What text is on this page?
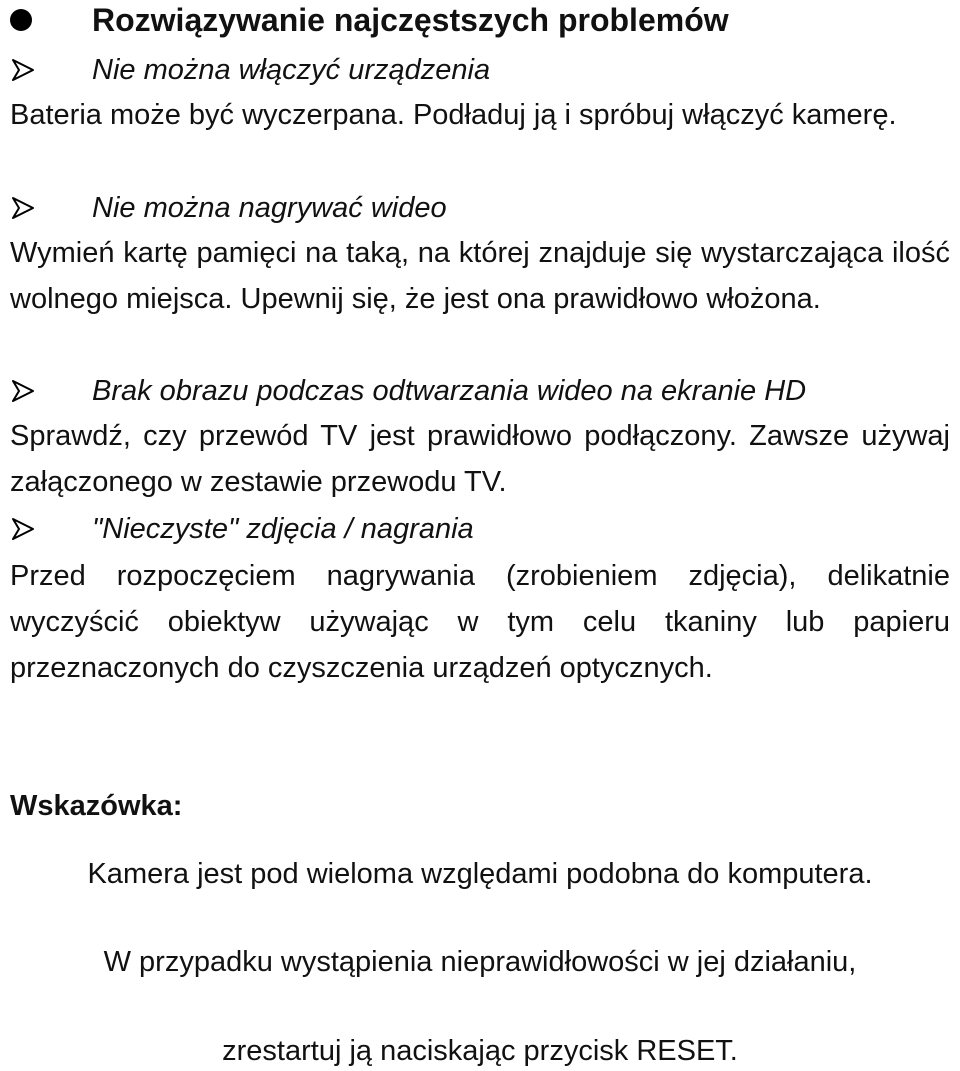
Rozwiązywanie najczęstszych problemów
Nie można włączyć urządzenia
Bateria może być wyczerpana. Podładuj ją i spróbuj włączyć kamerę.
Nie można nagrywać wideo
Wymień kartę pamięci na taką, na której znajduje się wystarczająca ilość wolnego miejsca. Upewnij się, że jest ona prawidłowo włożona.
Brak obrazu podczas odtwarzania wideo na ekranie HD
Sprawdź, czy przewód TV jest prawidłowo podłączony. Zawsze używaj załączonego w zestawie przewodu TV.
"Nieczyste" zdjęcia / nagrania
Przed rozpoczęciem nagrywania (zrobieniem zdjęcia), delikatnie wyczyścić obiektyw używając w tym celu tkaniny lub papieru przeznaczonych do czyszczenia urządzeń optycznych.
Wskazówka:
Kamera jest pod wieloma względami podobna do komputera.
W przypadku wystąpienia nieprawidłowości w jej działaniu,
zrestartuj ją naciskając przycisk RESET.
